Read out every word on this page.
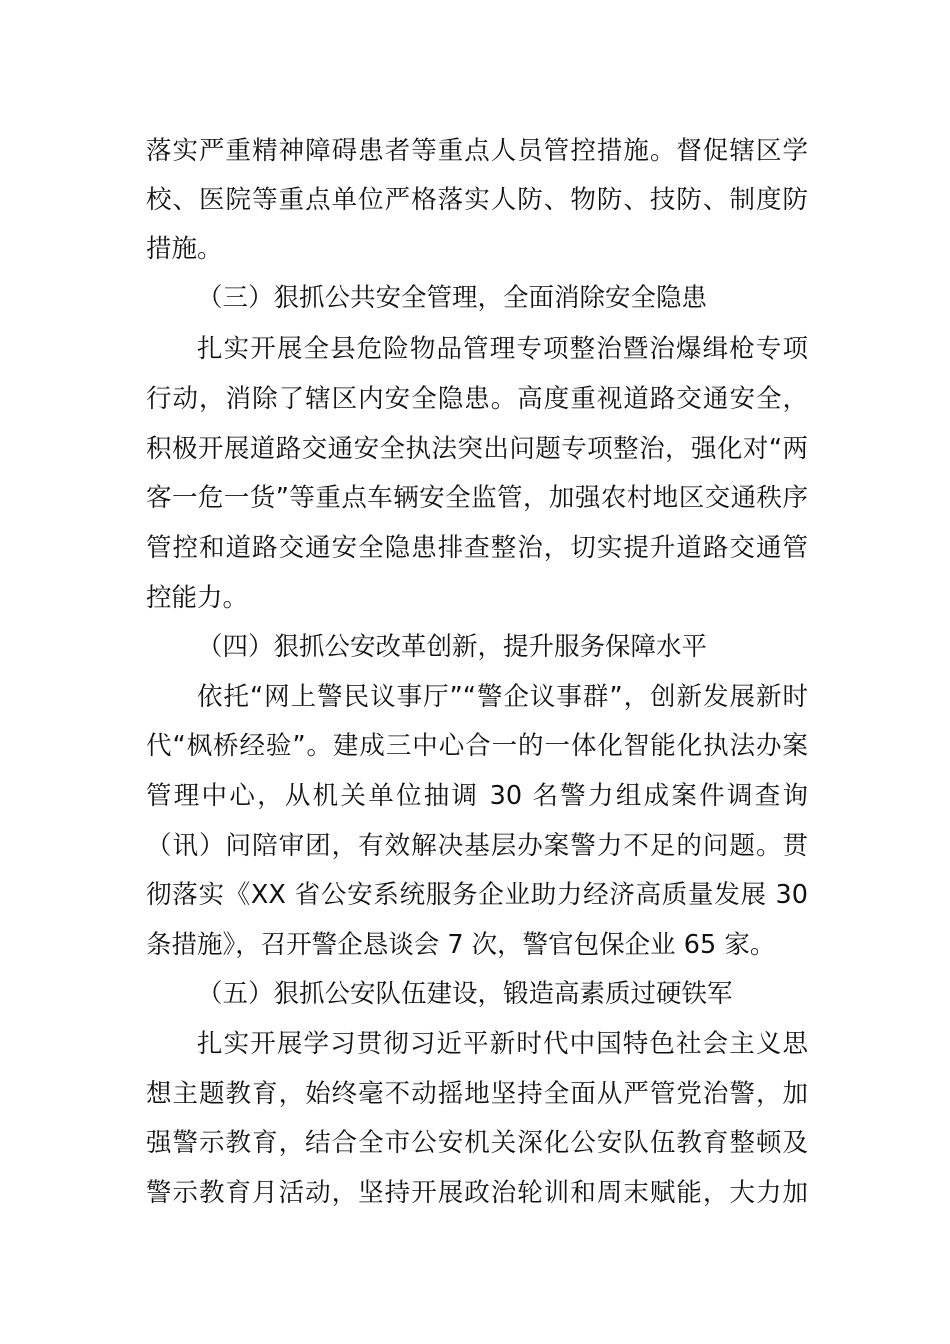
落实严重精神障碍患者等重点人员管控措施。督促辖区学
校、医院等重点单位严格落实人防、物防、技防、制度防
措施。
（三）狠抓公共安全管理，全面消除安全隐患
扎实开展全县危险物品管理专项整治暨治爆缉枪专项
行动，消除了辖区内安全隐患。高度重视道路交通安全，
积极开展道路交通安全执法突出问题专项整治，强化对“两
客一危一货”等重点车辆安全监管，加强农村地区交通秩序
管控和道路交通安全隐患排查整治，切实提升道路交通管
控能力。
（四）狠抓公安改革创新，提升服务保障水平
依托“网上警民议事厅”“警企议事群”，创新发展新时
代“枫桥经验”。建成三中心合一的一体化智能化执法办案
管理中心，从机关单位抽调 30 名警力组成案件调查询
（讯）问陪审团，有效解决基层办案警力不足的问题。贯
彻落实《XX 省公安系统服务企业助力经济高质量发展 30
条措施》，召开警企恳谈会 7 次，警官包保企业 65 家。
（五）狠抓公安队伍建设，锻造高素质过硬铁军
扎实开展学习贯彻习近平新时代中国特色社会主义思
想主题教育，始终毫不动摇地坚持全面从严管党治警，加
强警示教育，结合全市公安机关深化公安队伍教育整顿及
警示教育月活动，坚持开展政治轮训和周末赋能，大力加
